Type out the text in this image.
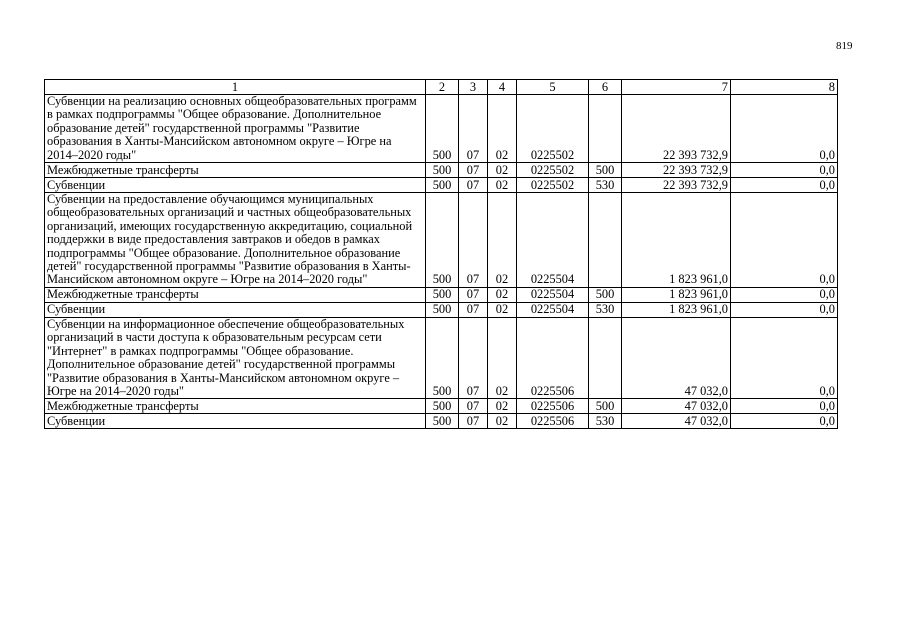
819
1	2	3	4	5	6	7	8
Субвенции на реализацию основных общеобразовательных программ в рамках подпрограммы "Общее образование. Дополнительное образование детей" государственной программы "Развитие образования в Ханты-Мансийском автономном округе – Югре на 2014–2020 годы"	500	07	02	0225502		22 393 732,9	0,0
Межбюджетные трансферты	500	07	02	0225502	500	22 393 732,9	0,0
Субвенции	500	07	02	0225502	530	22 393 732,9	0,0
Субвенции на предоставление обучающимся муниципальных общеобразовательных организаций и частных общеобразовательных организаций, имеющих государственную аккредитацию, социальной поддержки в виде предоставления завтраков и обедов в рамках подпрограммы "Общее образование. Дополнительное образование детей" государственной программы "Развитие образования в Ханты-Мансийском автономном округе – Югре на 2014–2020 годы"	500	07	02	0225504		1 823 961,0	0,0
Межбюджетные трансферты	500	07	02	0225504	500	1 823 961,0	0,0
Субвенции	500	07	02	0225504	530	1 823 961,0	0,0
Субвенции на информационное обеспечение общеобразовательных организаций в части доступа к образовательным ресурсам сети "Интернет" в рамках подпрограммы "Общее образование. Дополнительное образование детей" государственной программы "Развитие образования в Ханты-Мансийском автономном округе – Югре на 2014–2020 годы"	500	07	02	0225506		47 032,0	0,0
Межбюджетные трансферты	500	07	02	0225506	500	47 032,0	0,0
Субвенции	500	07	02	0225506	530	47 032,0	0,0
